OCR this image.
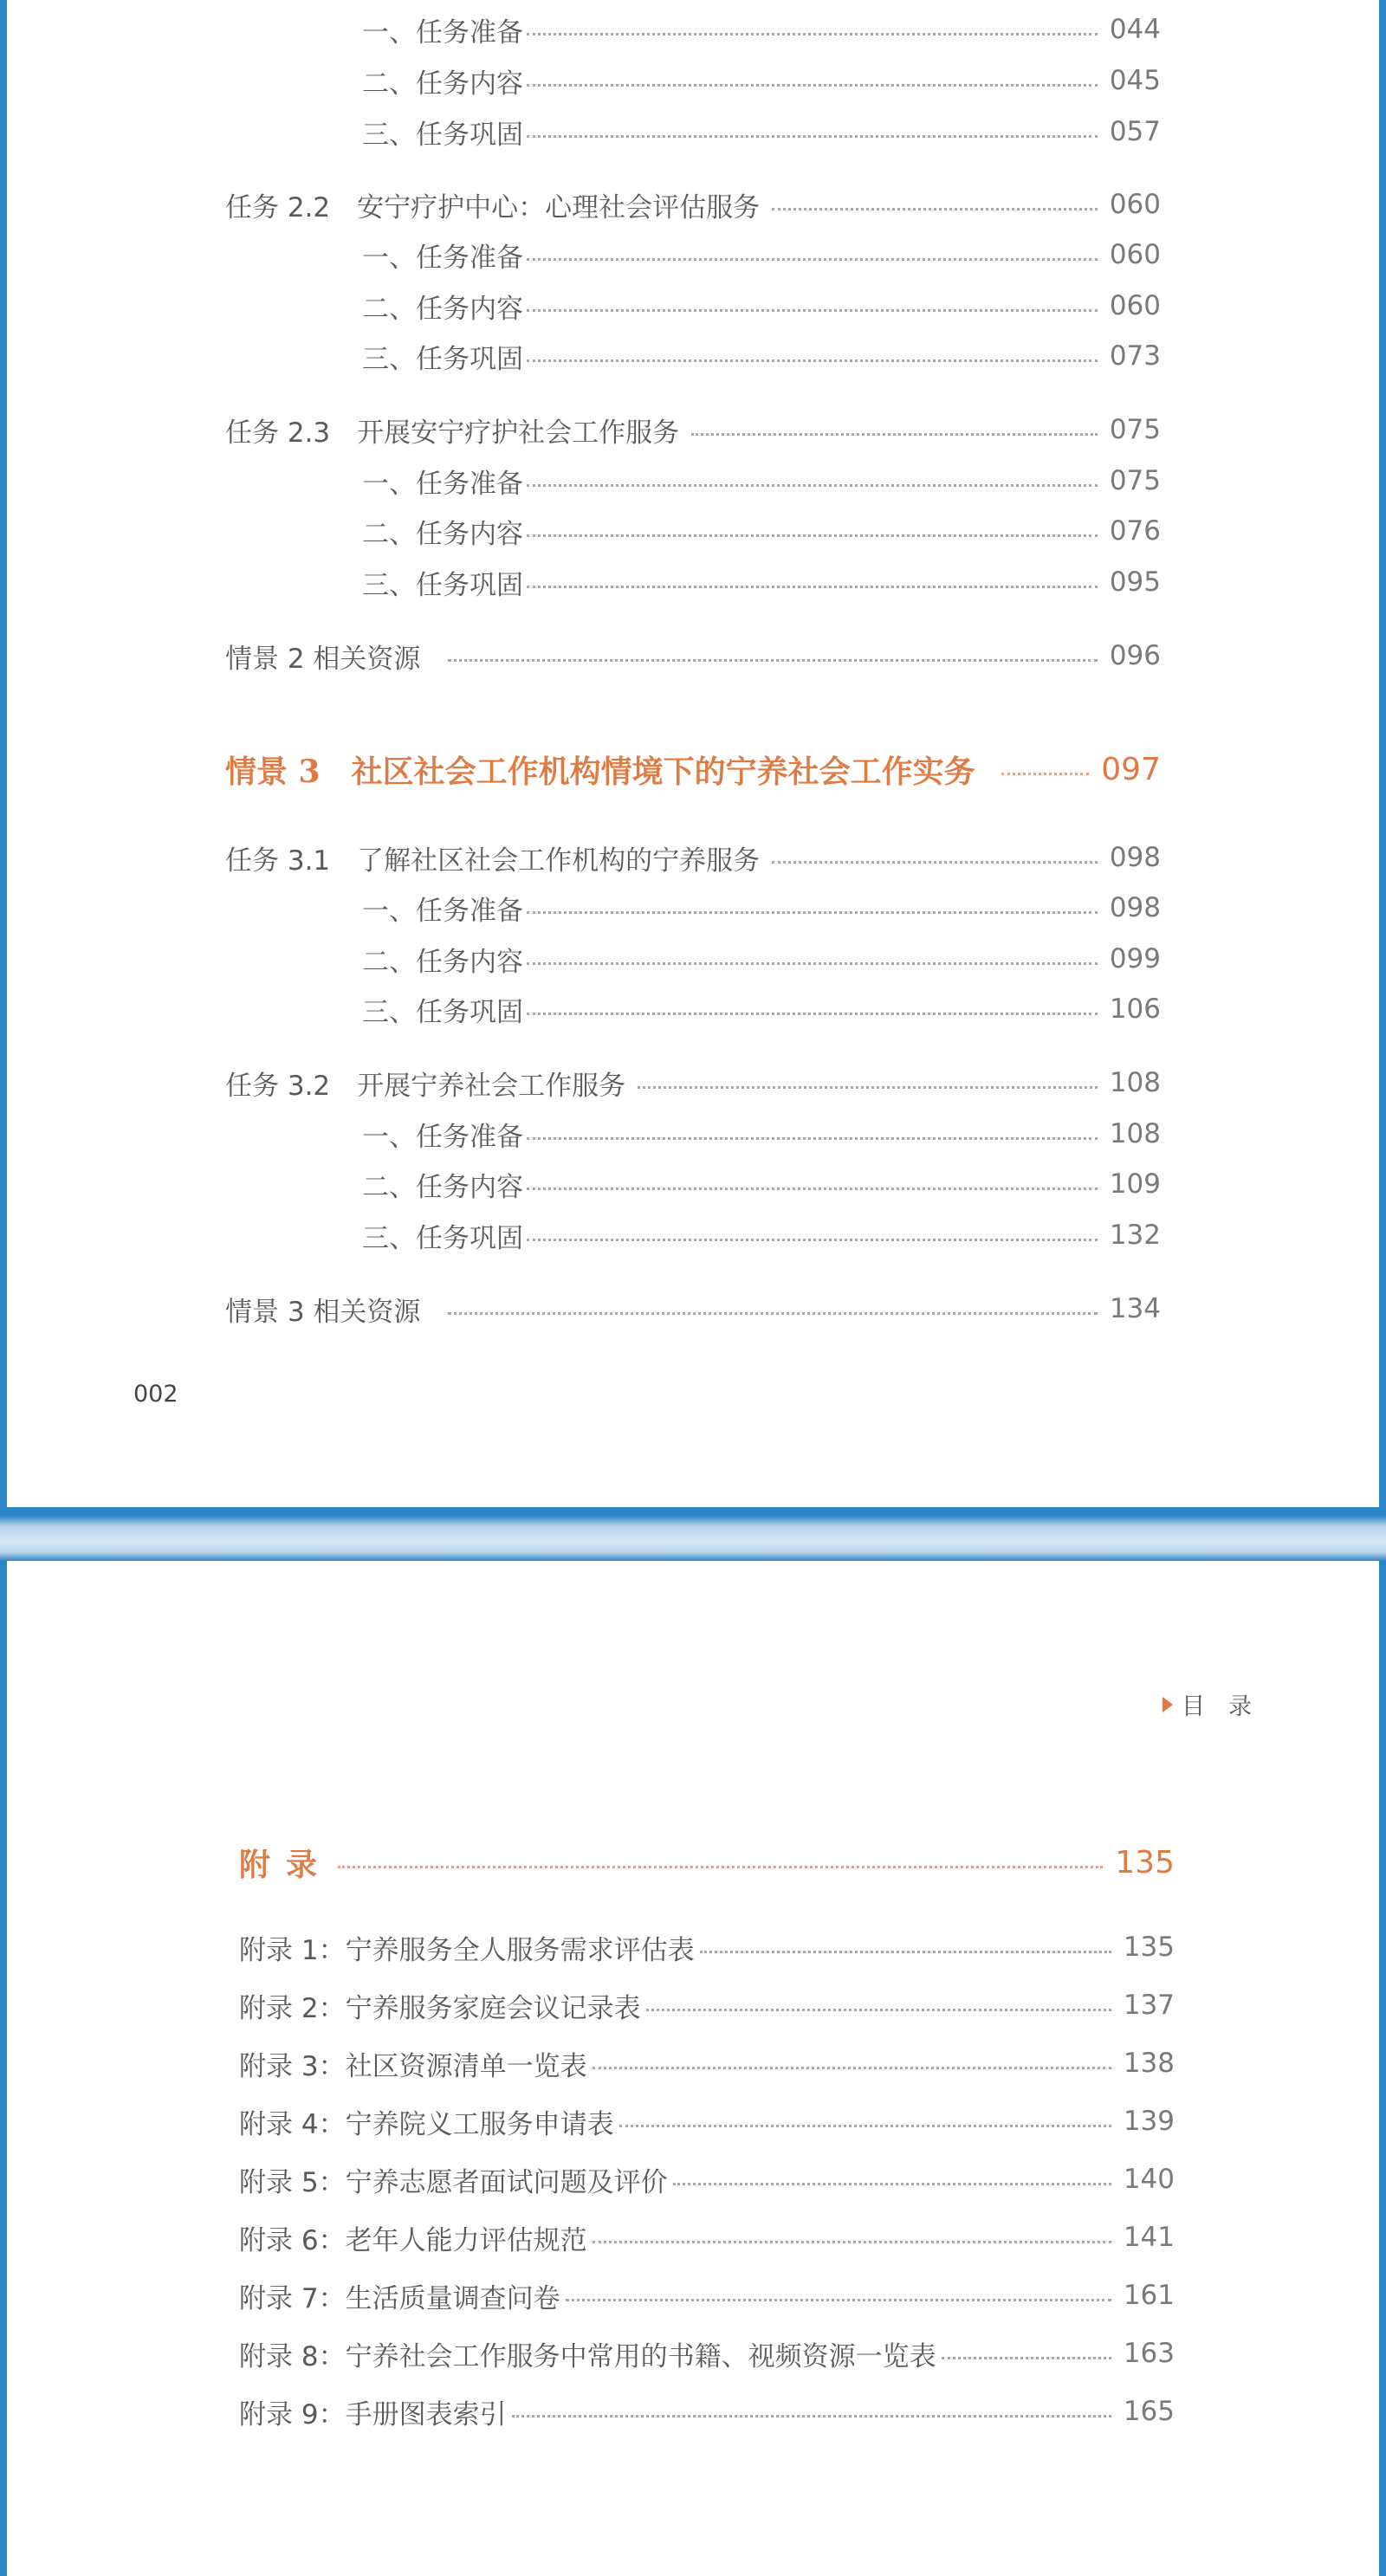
一、任务准备	044
二、任务内容	045
三、任务巩固	057
任务 2.2　安宁疗护中心：心理社会评估服务	060
一、任务准备	060
二、任务内容	060
三、任务巩固	073
任务 2.3　开展安宁疗护社会工作服务	075
一、任务准备	075
二、任务内容	076
三、任务巩固	095
情景 2 相关资源	096
情景 3　社区社会工作机构情境下的宁养社会工作实务	097
任务 3.1　了解社区社会工作机构的宁养服务	098
一、任务准备	098
二、任务内容	099
三、任务巩固	106
任务 3.2　开展宁养社会工作服务	108
一、任务准备	108
二、任务内容	109
三、任务巩固	132
情景 3 相关资源	134
002
目　录
附录	135
附录 1：宁养服务全人服务需求评估表	135
附录 2：宁养服务家庭会议记录表	137
附录 3：社区资源清单一览表	138
附录 4：宁养院义工服务申请表	139
附录 5：宁养志愿者面试问题及评价	140
附录 6：老年人能力评估规范	141
附录 7：生活质量调查问卷	161
附录 8：宁养社会工作服务中常用的书籍、视频资源一览表	163
附录 9：手册图表索引	165
